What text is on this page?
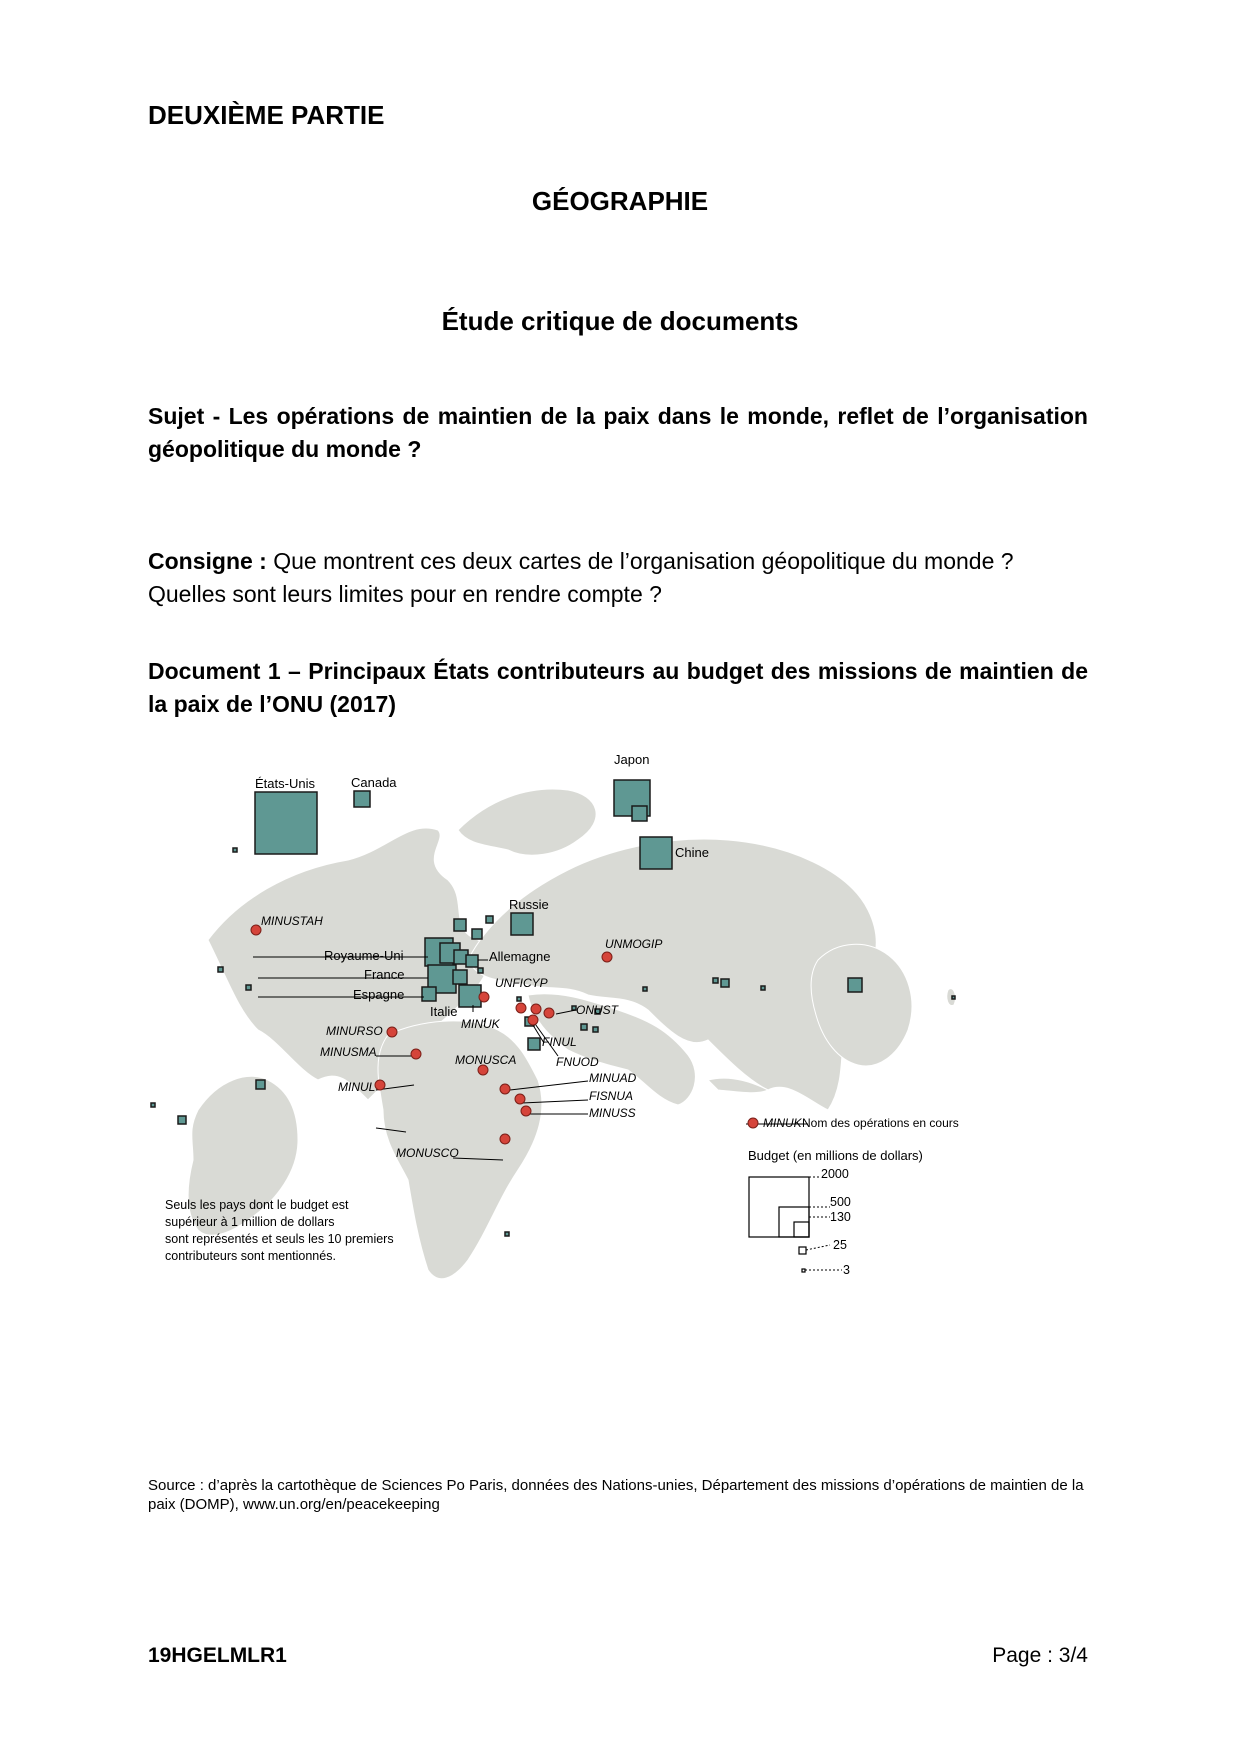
DEUXIÈME PARTIE
GÉOGRAPHIE
Étude critique de documents
Sujet - Les opérations de maintien de la paix dans le monde, reflet de l’organisation géopolitique du monde ?
Consigne : Que montrent ces deux cartes de l’organisation géopolitique du monde ? Quelles sont leurs limites pour en rendre compte ?
Document 1 – Principaux États contributeurs au budget des missions de maintien de la paix de l’ONU (2017)
États-Unis	Canada
Japon
Chine
Russie
Royaume-Uni	Allemagne
France
Espagne
Italie
MINUSTAH
UNMOGIP
UNFICYP
ONUST
MINUK
FINUL
FNUOD
MINURSO
MINUSMA
MONUSCA
MINUL
MINUAD
FISNUA
MINUSS
MONUSCO
Seuls les pays dont le budget est
supérieur à 1 million de dollars
sont représentés et seuls les 10 premiers
contributeurs sont mentionnés.
MINUK Nom des opérations en cours
Budget (en millions de dollars)
2000
500
130
25
3
Source : d’après la cartothèque de Sciences Po Paris, données des Nations-unies, Département des missions d’opérations de maintien de la paix (DOMP), www.un.org/en/peacekeeping
19HGELMLR1	Page : 3/4
